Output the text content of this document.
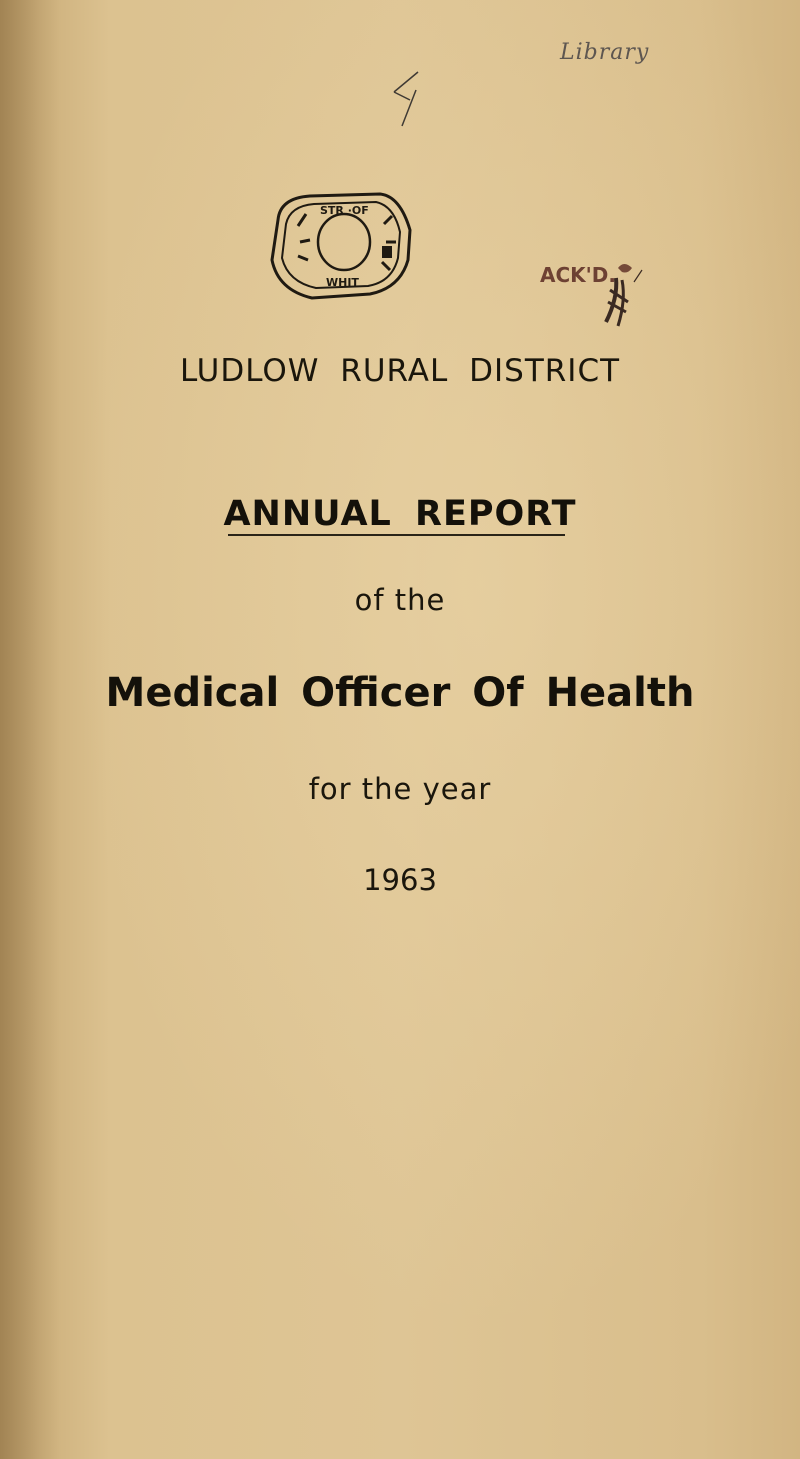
Library
STR ·OF
WHIT	ACK'D.
LUDLOW RURAL DISTRICT
ANNUAL REPORT
of the
Medical Officer Of Health
for the year
1963
